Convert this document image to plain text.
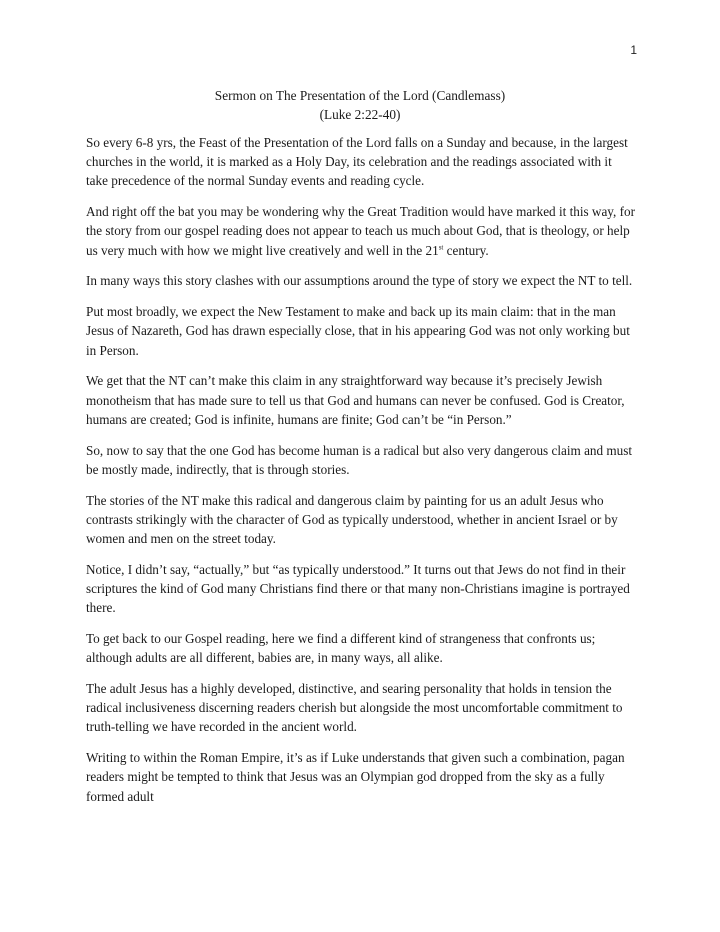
1
Sermon on The Presentation of the Lord (Candlemass)
(Luke 2:22-40)

So every 6-8 yrs, the Feast of the Presentation of the Lord falls on a Sunday and because, in the largest churches in the world, it is marked as a Holy Day, its celebration and the readings associated with it take precedence of the normal Sunday events and reading cycle.

And right off the bat you may be wondering why the Great Tradition would have marked it this way, for the story from our gospel reading does not appear to teach us much about God, that is theology, or help us very much with how we might live creatively and well in the 21st century.

In many ways this story clashes with our assumptions around the type of story we expect the NT to tell.

Put most broadly, we expect the New Testament to make and back up its main claim: that in the man Jesus of Nazareth, God has drawn especially close, that in his appearing God was not only working but in Person.

We get that the NT can’t make this claim in any straightforward way because it’s precisely Jewish monotheism that has made sure to tell us that God and humans can never be confused. God is Creator, humans are created; God is infinite, humans are finite; God can’t be “in Person.”

So, now to say that the one God has become human is a radical but also very dangerous claim and must be mostly made, indirectly, that is through stories.

The stories of the NT make this radical and dangerous claim by painting for us an adult Jesus who contrasts strikingly with the character of God as typically understood, whether in ancient Israel or by women and men on the street today.

Notice, I didn’t say, “actually,” but “as typically understood.” It turns out that Jews do not find in their scriptures the kind of God many Christians find there or that many non-Christians imagine is portrayed there.

To get back to our Gospel reading, here we find a different kind of strangeness that confronts us; although adults are all different, babies are, in many ways, all alike.

The adult Jesus has a highly developed, distinctive, and searing personality that holds in tension the radical inclusiveness discerning readers cherish but alongside the most uncomfortable commitment to truth-telling we have recorded in the ancient world.

Writing to within the Roman Empire, it’s as if Luke understands that given such a combination, pagan readers might be tempted to think that Jesus was an Olympian god dropped from the sky as a fully formed adult
